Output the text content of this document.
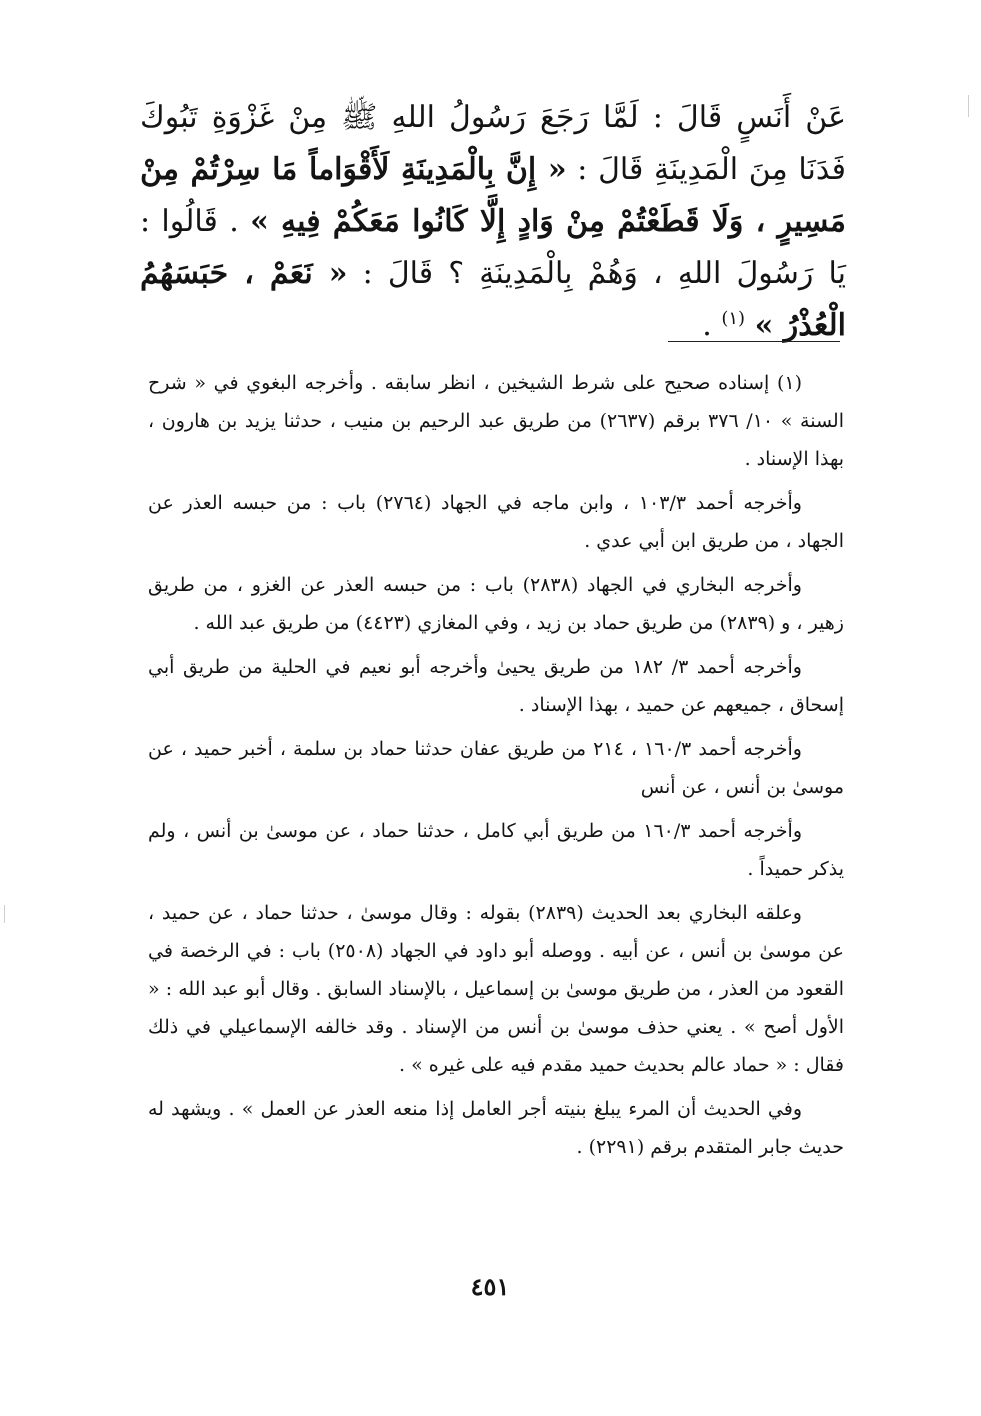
عَنْ أَنَسٍ قَالَ : لَمَّا رَجَعَ رَسُولُ اللهِ ﷺ مِنْ غَزْوَةِ تَبُوكَ فَدَنَا مِنَ الْمَدِينَةِ قَالَ : « إِنَّ بِالْمَدِينَةِ لَأَقْوَاماً مَا سِرْتُمْ مِنْ مَسِيرٍ ، وَلَا قَطَعْتُمْ مِنْ وَادٍ إِلَّا كَانُوا مَعَكُمْ فِيهِ » . قَالُوا : يَا رَسُولَ اللهِ ، وَهُمْ بِالْمَدِينَةِ ؟ قَالَ : « نَعَمْ ، حَبَسَهُمُ الْعُذْرُ » $^{(١)}$ .

(١) إسناده صحيح على شرط الشيخين ، انظر سابقه . وأخرجه البغوي في « شرح السنة » ١٠/ ٣٧٦ برقم (٢٦٣٧) من طريق عبد الرحيم بن منيب ، حدثنا يزيد بن هارون ، بهذا الإسناد .

وأخرجه أحمد ١٠٣/٣ ، وابن ماجه في الجهاد (٢٧٦٤) باب : من حبسه العذر عن الجهاد ، من طريق ابن أبي عدي .

وأخرجه البخاري في الجهاد (٢٨٣٨) باب : من حبسه العذر عن الغزو ، من طريق زهير ، و (٢٨٣٩) من طريق حماد بن زيد ، وفي المغازي (٤٤٢٣) من طريق عبد الله .

وأخرجه أحمد ٣/ ١٨٢ من طريق يحيىٰ وأخرجه أبو نعيم في الحلية من طريق أبي إسحاق ، جميعهم عن حميد ، بهذا الإسناد .

وأخرجه أحمد ١٦٠/٣ ، ٢١٤ من طريق عفان حدثنا حماد بن سلمة ، أخبر حميد ، عن موسىٰ بن أنس ، عن أنس

وأخرجه أحمد ١٦٠/٣ من طريق أبي كامل ، حدثنا حماد ، عن موسىٰ بن أنس ، ولم يذكر حميداً .

وعلقه البخاري بعد الحديث (٢٨٣٩) بقوله : وقال موسىٰ ، حدثنا حماد ، عن حميد ، عن موسىٰ بن أنس ، عن أبيه . ووصله أبو داود في الجهاد (٢٥٠٨) باب : في الرخصة في القعود من العذر ، من طريق موسىٰ بن إسماعيل ، بالإسناد السابق . وقال أبو عبد الله : « الأول أصح » . يعني حذف موسىٰ بن أنس من الإسناد . وقد خالفه الإسماعيلي في ذلك فقال : « حماد عالم بحديث حميد مقدم فيه على غيره » .

وفي الحديث أن المرء يبلغ بنيته أجر العامل إذا منعه العذر عن العمل » . ويشهد له حديث جابر المتقدم برقم (٢٢٩١) .

٤٥١
